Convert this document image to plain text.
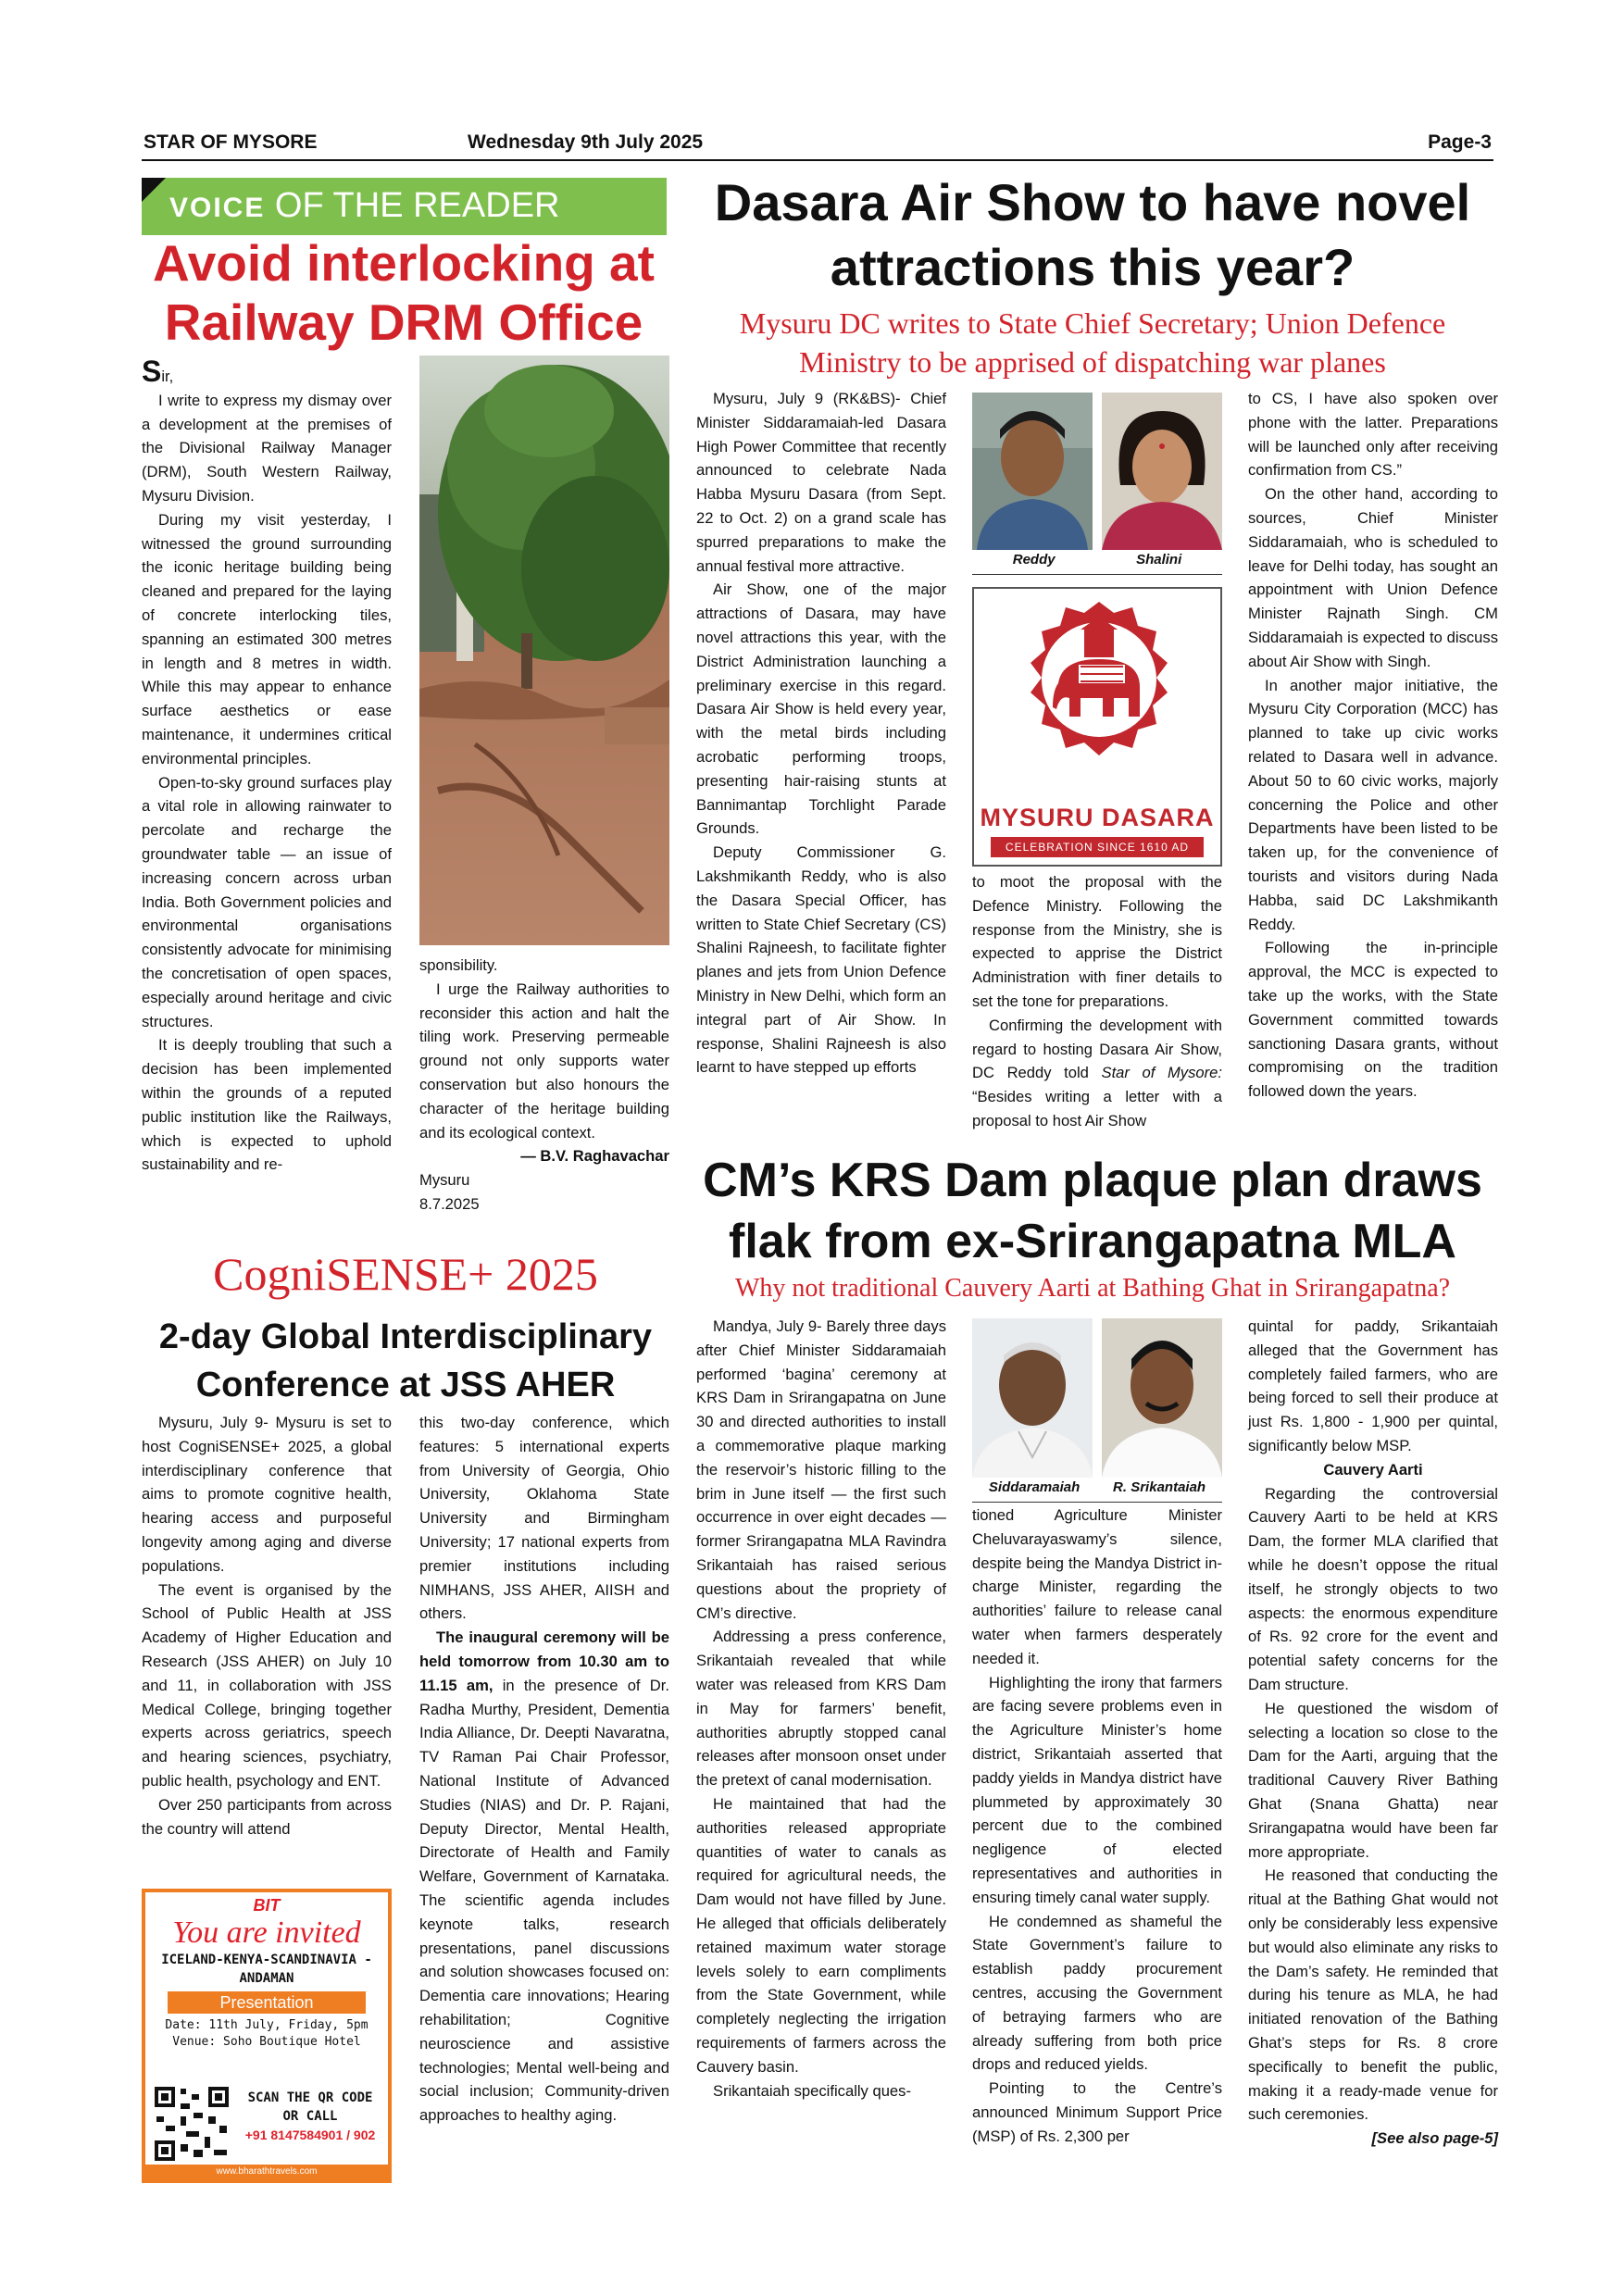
STAR OF MYSORE	Wednesday 9th July 2025	Page-3
VOICE OF THE READER
Avoid interlocking at Railway DRM Office

Sir,

I write to express my dismay over a development at the premises of the Divisional Railway Manager (DRM), South Western Railway, Mysuru Division.

During my visit yesterday, I witnessed the ground surrounding the iconic heritage building being cleaned and prepared for the laying of concrete interlocking tiles, spanning an estimated 300 metres in length and 8 metres in width. While this may appear to enhance surface aesthetics or ease maintenance, it undermines critical environmental principles.

Open-to-sky ground surfaces play a vital role in allowing rainwater to percolate and recharge the groundwater table — an issue of increasing concern across urban India. Both Government policies and environmental organisations consistently advocate for minimising the concretisation of open spaces, especially around heritage and civic structures.

It is deeply troubling that such a decision has been implemented within the grounds of a reputed public institution like the Railways, which is expected to uphold sustainability and re-

sponsibility.

I urge the Railway authorities to reconsider this action and halt the tiling work. Preserving permeable ground not only supports water conservation but also honours the character of the heritage building and its ecological context.

— B.V. Raghavachar
Mysuru
8.7.2025
CogniSENSE+ 2025
2-day Global Interdisciplinary Conference at JSS AHER

Mysuru, July 9- Mysuru is set to host CogniSENSE+ 2025, a global interdisciplinary conference that aims to promote cognitive health, hearing access and purposeful longevity among aging and diverse populations.

The event is organised by the School of Public Health at JSS Academy of Higher Education and Research (JSS AHER) on July 10 and 11, in collaboration with JSS Medical College, bringing together experts across geriatrics, speech and hearing sciences, psychiatry, public health, psychology and ENT.

Over 250 participants from across the country will attend

this two-day conference, which features: 5 international experts from University of Georgia, Ohio University, Oklahoma State University and Birmingham University; 17 national experts from premier institutions including NIMHANS, JSS AHER, AIISH and others.

The inaugural ceremony will be held tomorrow from 10.30 am to 11.15 am, in the presence of Dr. Radha Murthy, President, Dementia India Alliance, Dr. Deepti Navaratna, TV Raman Pai Chair Professor, National Institute of Advanced Studies (NIAS) and Dr. P. Rajani, Deputy Director, Mental Health, Directorate of Health and Family Welfare, Government of Karnataka. The scientific agenda includes keynote talks, research presentations, panel discussions and solution showcases focused on: Dementia care innovations; Hearing rehabilitation; Cognitive neuroscience and assistive technologies; Mental well-being and social inclusion; Community-driven approaches to healthy aging.

BIT
You are invited
ICELAND-KENYA-SCANDINAVIA -ANDAMAN
Presentation
Date: 11th July, Friday, 5pm
Venue: Soho Boutique Hotel
SCAN THE QR CODE OR CALL
+91 8147584901 / 902
www.bharathtravels.com
Dasara Air Show to have novel attractions this year?
Mysuru DC writes to State Chief Secretary; Union Defence Ministry to be apprised of dispatching war planes

Mysuru, July 9 (RK&BS)- Chief Minister Siddaramaiah-led Dasara High Power Committee that recently announced to celebrate Nada Habba Mysuru Dasara (from Sept. 22 to Oct. 2) on a grand scale has spurred preparations to make the annual festival more attractive.

Air Show, one of the major attractions of Dasara, may have novel attractions this year, with the District Administration launching a preliminary exercise in this regard. Dasara Air Show is held every year, with the metal birds including acrobatic performing troops, presenting hair-raising stunts at Bannimantap Torchlight Parade Grounds.

Deputy Commissioner G. Lakshmikanth Reddy, who is also the Dasara Special Officer, has written to State Chief Secretary (CS) Shalini Rajneesh, to facilitate fighter planes and jets from Union Defence Ministry in New Delhi, which form an integral part of Air Show. In response, Shalini Rajneesh is also learnt to have stepped up efforts

Reddy	Shalini
MYSURU DASARA
CELEBRATION SINCE 1610 AD

to moot the proposal with the Defence Ministry. Following the response from the Ministry, she is expected to apprise the District Administration with finer details to set the tone for preparations.

Confirming the development with regard to hosting Dasara Air Show, DC Reddy told Star of Mysore: “Besides writing a letter with a proposal to host Air Show

to CS, I have also spoken over phone with the latter. Preparations will be launched only after receiving confirmation from CS.”

On the other hand, according to sources, Chief Minister Siddaramaiah, who is scheduled to leave for Delhi today, has sought an appointment with Union Defence Minister Rajnath Singh. CM Siddaramaiah is expected to discuss about Air Show with Singh.

In another major initiative, the Mysuru City Corporation (MCC) has planned to take up civic works related to Dasara well in advance. About 50 to 60 civic works, majorly concerning the Police and other Departments have been listed to be taken up, for the convenience of tourists and visitors during Nada Habba, said DC Lakshmikanth Reddy.

Following the in-principle approval, the MCC is expected to take up the works, with the State Government committed towards sanctioning Dasara grants, without compromising on the tradition followed down the years.

CM’s KRS Dam plaque plan draws flak from ex-Srirangapatna MLA
Why not traditional Cauvery Aarti at Bathing Ghat in Srirangapatna?

Mandya, July 9- Barely three days after Chief Minister Siddaramaiah performed ‘bagina’ ceremony at KRS Dam in Srirangapatna on June 30 and directed authorities to install a commemorative plaque marking the reservoir’s historic filling to the brim in June itself — the first such occurrence in over eight decades — former Srirangapatna MLA Ravindra Srikantaiah has raised serious questions about the propriety of CM’s directive.

Addressing a press conference, Srikantaiah revealed that while water was released from KRS Dam in May for farmers’ benefit, authorities abruptly stopped canal releases after monsoon onset under the pretext of canal modernisation.

He maintained that had the authorities released appropriate quantities of water to canals as required for agricultural needs, the Dam would not have filled by June. He alleged that officials deliberately retained maximum water storage levels solely to earn compliments from the State Government, while completely neglecting the irrigation requirements of farmers across the Cauvery basin.

Srikantaiah specifically ques-

Siddaramaiah R. Srikantaiah

tioned Agriculture Minister Cheluvarayaswamy’s silence, despite being the Mandya District in-charge Minister, regarding the authorities’ failure to release canal water when farmers desperately needed it.

Highlighting the irony that farmers are facing severe problems even in the Agriculture Minister’s home district, Srikantaiah asserted that paddy yields in Mandya district have plummeted by approximately 30 percent due to the combined negligence of elected representatives and authorities in ensuring timely canal water supply.

He condemned as shameful the State Government’s failure to establish paddy procurement centres, accusing the Government of betraying farmers who are already suffering from both price drops and reduced yields.

Pointing to the Centre’s announced Minimum Support Price (MSP) of Rs. 2,300 per

quintal for paddy, Srikantaiah alleged that the Government has completely failed farmers, who are being forced to sell their produce at just Rs. 1,800 - 1,900 per quintal, significantly below MSP.

Cauvery Aarti

Regarding the controversial Cauvery Aarti to be held at KRS Dam, the former MLA clarified that while he doesn’t oppose the ritual itself, he strongly objects to two aspects: the enormous expenditure of Rs. 92 crore for the event and potential safety concerns for the Dam structure.

He questioned the wisdom of selecting a location so close to the Dam for the Aarti, arguing that the traditional Cauvery River Bathing Ghat (Snana Ghatta) near Srirangapatna would have been far more appropriate.

He reasoned that conducting the ritual at the Bathing Ghat would not only be considerably less expensive but would also eliminate any risks to the Dam’s safety. He reminded that during his tenure as MLA, he had initiated renovation of the Bathing Ghat’s steps for Rs. 8 crore specifically to benefit the public, making it a ready-made venue for such ceremonies.

[See also page-5]
